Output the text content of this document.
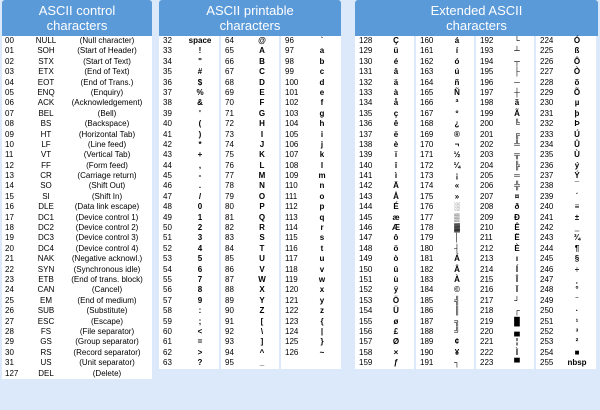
ASCII control
characters
00	NULL	(Null character)
01	SOH	(Start of Header)
02	STX	(Start of Text)
03	ETX	(End of Text)
04	EOT	(End of Trans.)
05	ENQ	(Enquiry)
06	ACK	(Acknowledgement)
07	BEL	(Bell)
08	BS	(Backspace)
09	HT	(Horizontal Tab)
10	LF	(Line feed)
11	VT	(Vertical Tab)
12	FF	(Form feed)
13	CR	(Carriage return)
14	SO	(Shift Out)
15	SI	(Shift In)
16	DLE	(Data link escape)
17	DC1	(Device control 1)
18	DC2	(Device control 2)
19	DC3	(Device control 3)
20	DC4	(Device control 4)
21	NAK	(Negative acknowl.)
22	SYN	(Synchronous idle)
23	ETB	(End of trans. block)
24	CAN	(Cancel)
25	EM	(End of medium)
26	SUB	(Substitute)
27	ESC	(Escape)
28	FS	(File separator)
29	GS	(Group separator)
30	RS	(Record separator)
31	US	(Unit separator)
127	DEL	(Delete)
ASCII printable
characters
32	space
33	!
34	"
35	#
36	$
37	%
38	&
39	'
40	(
41	)
42	*
43	+
44	,
45	-
46	.
47	/
48	0
49	1
50	2
51	3
52	4
53	5
54	6
55	7
56	8
57	9
58	:
59	;
60	<
61	=
62	>
63	?
64	@
65	A
66	B
67	C
68	D
69	E
70	F
71	G
72	H
73	I
74	J
75	K
76	L
77	M
78	N
79	O
80	P
81	Q
82	R
83	S
84	T
85	U
86	V
87	W
88	X
89	Y
90	Z
91	[
92	\
93	]
94	^
95	_
96	`
97	a
98	b
99	c
100	d
101	e
102	f
103	g
104	h
105	i
106	j
107	k
108	l
109	m
110	n
111	o
112	p
113	q
114	r
115	s
116	t
117	u
118	v
119	w
120	x
121	y
122	z
123	{
124	|
125	}
126	~
Extended ASCII
characters
128	Ç
129	ü
130	é
131	â
132	ä
133	à
134	å
135	ç
136	ê
137	ë
138	è
139	ï
140	î
141	ì
142	Ä
143	Å
144	É
145	æ
146	Æ
147	ô
148	ö
149	ò
150	û
151	ù
152	ÿ
153	Ö
154	Ü
155	ø
156	£
157	Ø
158	×
159	ƒ
160	á
161	í
162	ó
163	ú
164	ñ
165	Ñ
166	ª
167	º
168	¿
169	®
170	¬
171	½
172	¼
173	¡
174	«
175	»
176	░
177	▒
178	▓
179	│
180	┤
181	Á
182	Â
183	À
184	©
185	╣
186	║
187	╗
188	╝
189	¢
190	¥
191	┐
192	└
193	┴
194	┬
195	├
196	─
197	┼
198	ã
199	Ã
200	╚
201	╔
202	╩
203	╦
204	╠
205	═
206	╬
207	¤
208	ð
209	Ð
210	Ê
211	Ë
212	È
213	ı
214	Í
215	Î
216	Ï
217	┘
218	┌
219	█
220	▄
221	¦
222	Ì
223	▀
224	Ó
225	ß
226	Ô
227	Ò
228	õ
229	Õ
230	µ
231	þ
232	Þ
233	Ú
234	Û
235	Ù
236	ý
237	Ý
238	¯
239	´
240	≡
241	±
242	‗
243	¾
244	¶
245	§
246	÷
247	¸
248	°
249	¨
250	·
251	¹
252	³
253	²
254	■
255	nbsp
